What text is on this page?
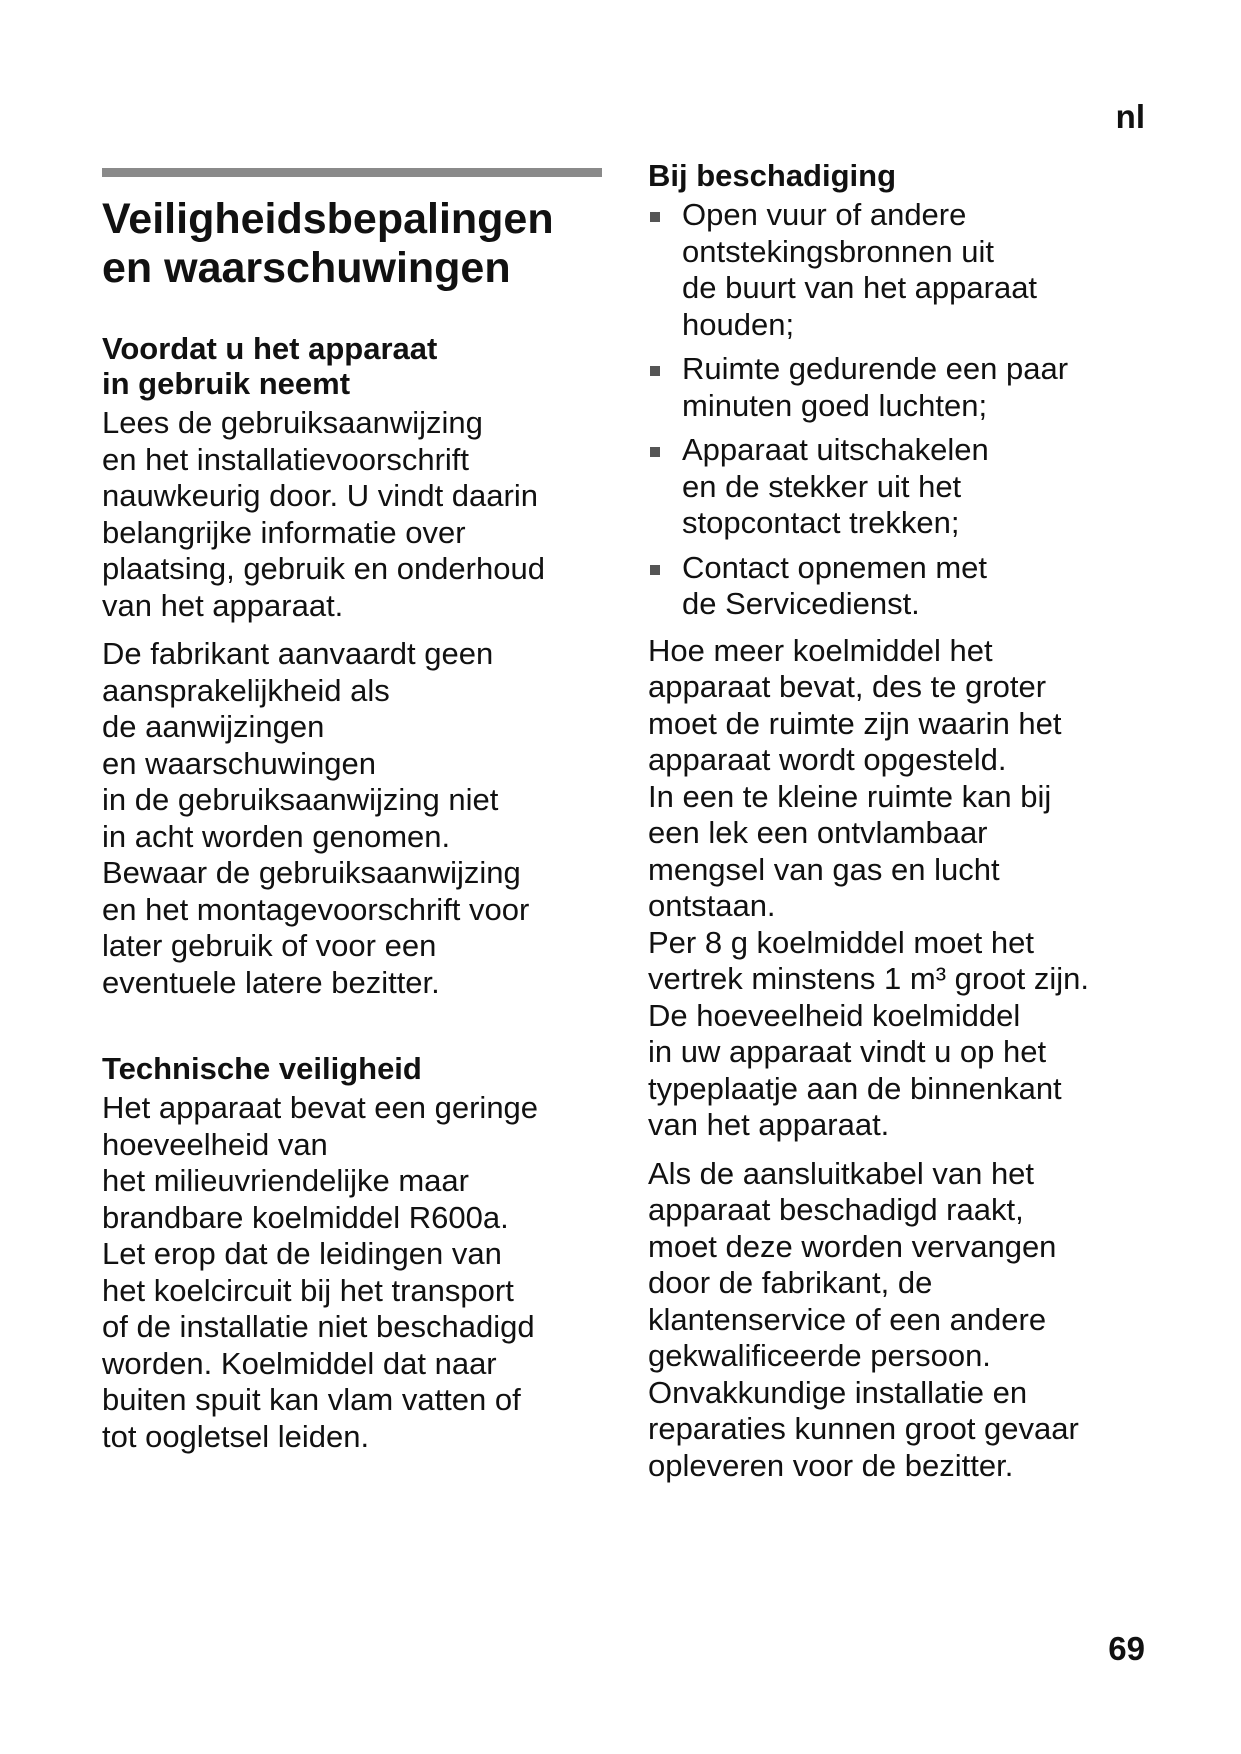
nl
Veiligheidsbepalingen
en waarschuwingen
Voordat u het apparaat
in gebruik neemt

Lees de gebruiksaanwijzing
en het installatievoorschrift
nauwkeurig door. U vindt daarin
belangrijke informatie over
plaatsing, gebruik en onderhoud
van het apparaat.

De fabrikant aanvaardt geen
aansprakelijkheid als
de aanwijzingen
en waarschuwingen
in de gebruiksaanwijzing niet
in acht worden genomen.
Bewaar de gebruiksaanwijzing
en het montagevoorschrift voor
later gebruik of voor een
eventuele latere bezitter.

Technische veiligheid

Het apparaat bevat een geringe
hoeveelheid van
het milieuvriendelijke maar
brandbare koelmiddel R600a.
Let erop dat de leidingen van
het koelcircuit bij het transport
of de installatie niet beschadigd
worden. Koelmiddel dat naar
buiten spuit kan vlam vatten of
tot oogletsel leiden.

Bij beschadiging
Open vuur of andere
ontstekingsbronnen uit
de buurt van het apparaat
houden;
Ruimte gedurende een paar
minuten goed luchten;
Apparaat uitschakelen
en de stekker uit het
stopcontact trekken;
Contact opnemen met
de Servicedienst.

Hoe meer koelmiddel het
apparaat bevat, des te groter
moet de ruimte zijn waarin het
apparaat wordt opgesteld.
In een te kleine ruimte kan bij
een lek een ontvlambaar
mengsel van gas en lucht
ontstaan.
Per 8 g koelmiddel moet het
vertrek minstens 1 m³ groot zijn.
De hoeveelheid koelmiddel
in uw apparaat vindt u op het
typeplaatje aan de binnenkant
van het apparaat.

Als de aansluitkabel van het
apparaat beschadigd raakt,
moet deze worden vervangen
door de fabrikant, de
klantenservice of een andere
gekwalificeerde persoon.
Onvakkundige installatie en
reparaties kunnen groot gevaar
opleveren voor de bezitter.

69
